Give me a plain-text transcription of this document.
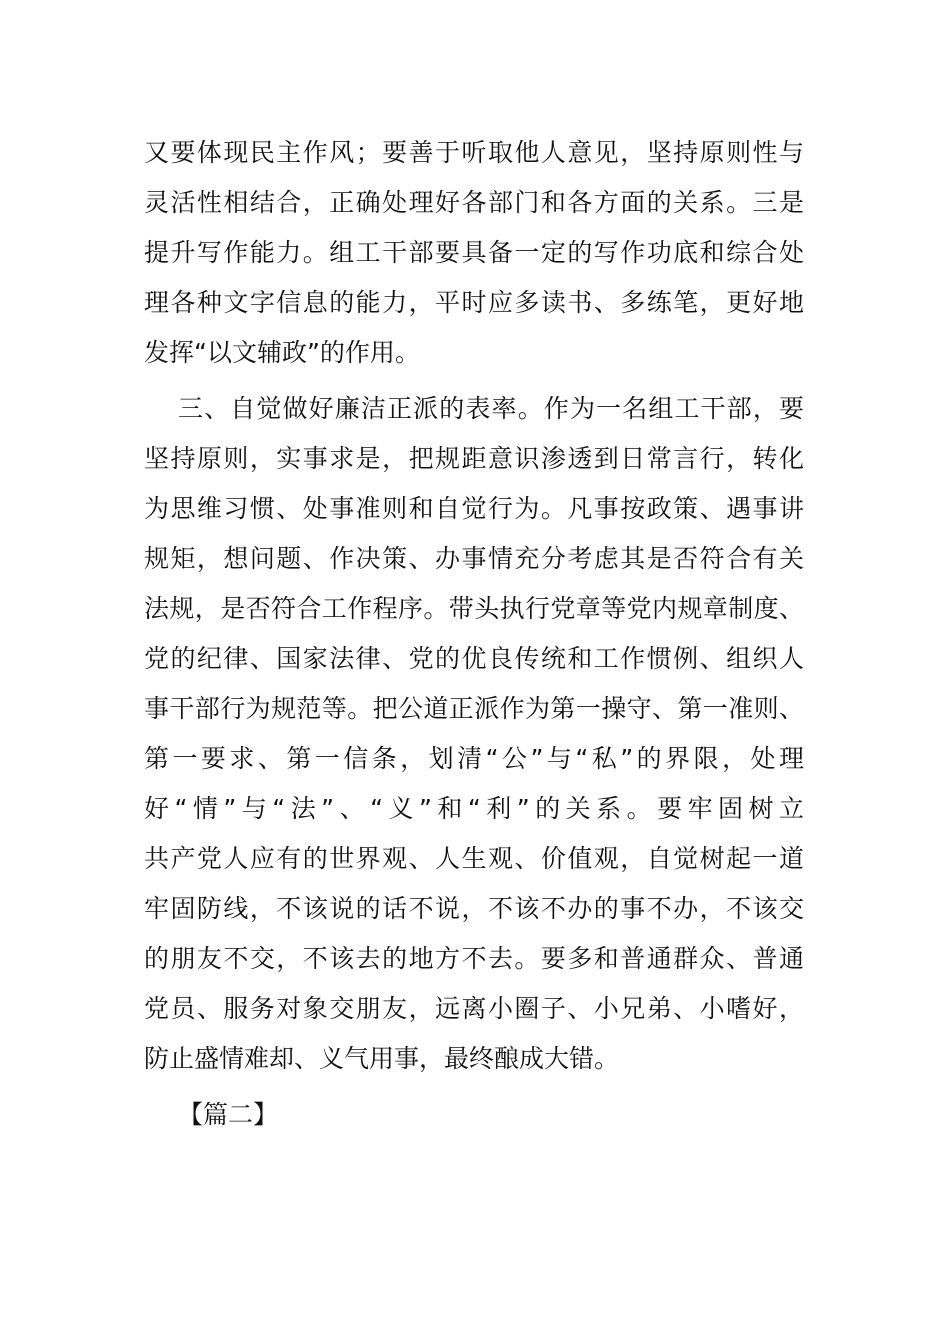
又要体现民主作风；要善于听取他人意见，坚持原则性与
灵活性相结合，正确处理好各部门和各方面的关系。三是
提升写作能力。组工干部要具备一定的写作功底和综合处
理各种文字信息的能力，平时应多读书、多练笔，更好地
发挥“以文辅政”的作用。
三、自觉做好廉洁正派的表率。作为一名组工干部，要
坚持原则，实事求是，把规距意识渗透到日常言行，转化
为思维习惯、处事准则和自觉行为。凡事按政策、遇事讲
规矩，想问题、作决策、办事情充分考虑其是否符合有关
法规，是否符合工作程序。带头执行党章等党内规章制度、
党的纪律、国家法律、党的优良传统和工作惯例、组织人
事干部行为规范等。把公道正派作为第一操守、第一准则、
第一要求、第一信条，划清“公”与“私”的界限，处理
好“情”与“法”、“义”和“利”的关系。要牢固树立
共产党人应有的世界观、人生观、价值观，自觉树起一道
牢固防线，不该说的话不说，不该不办的事不办，不该交
的朋友不交，不该去的地方不去。要多和普通群众、普通
党员、服务对象交朋友，远离小圈子、小兄弟、小嗜好，
防止盛情难却、义气用事，最终酿成大错。
【篇二】
